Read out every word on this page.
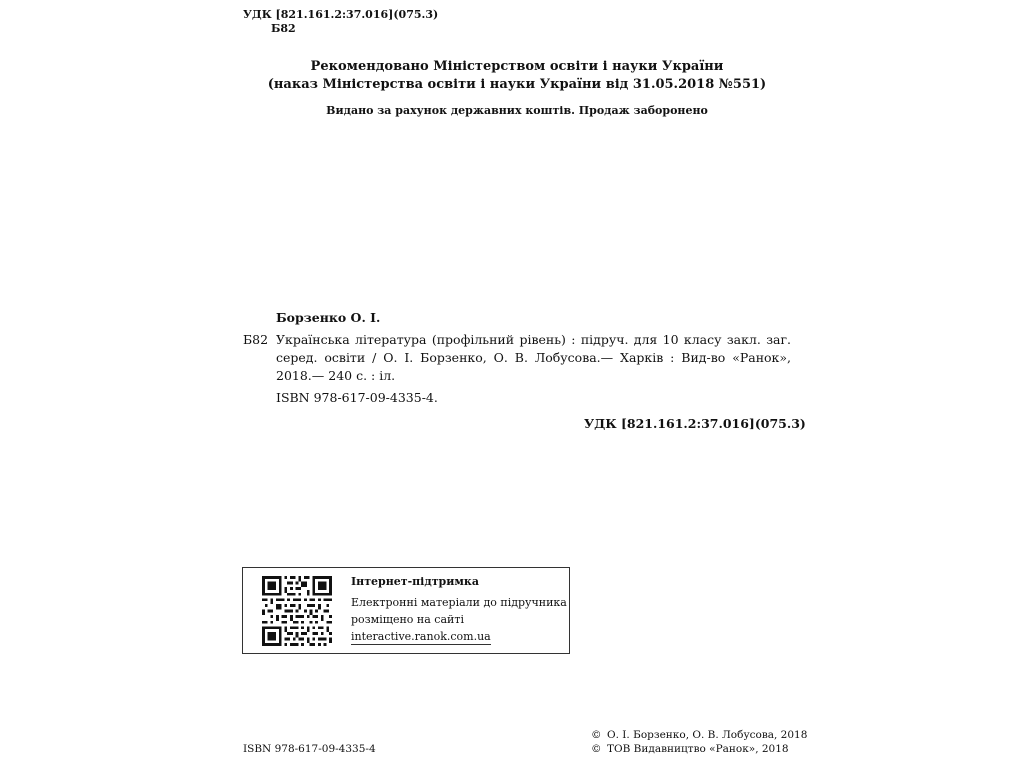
УДК [821.161.2:37.016](075.3)
Б82
Рекомендовано Міністерством освіти і науки України
(наказ Міністерства освіти і науки України від 31.05.2018 №551)
Видано за рахунок державних коштів. Продаж заборонено
Борзенко О. І.
Б82 Українська література (профільний рівень) : підруч. для 10 класу закл. заг. серед. освіти / О. І. Борзенко, О. В. Лобусова.— Харків : Вид-во «Ранок», 2018.— 240 с. : іл.
ISBN 978-617-09-4335-4.
УДК [821.161.2:37.016](075.3)
Інтернет-підтримка
Електронні матеріали до підручника
розміщено на сайті
interactive.ranok.com.ua
ISBN 978-617-09-4335-4
© О. І. Борзенко, О. В. Лобусова, 2018
© ТОВ Видавництво «Ранок», 2018
